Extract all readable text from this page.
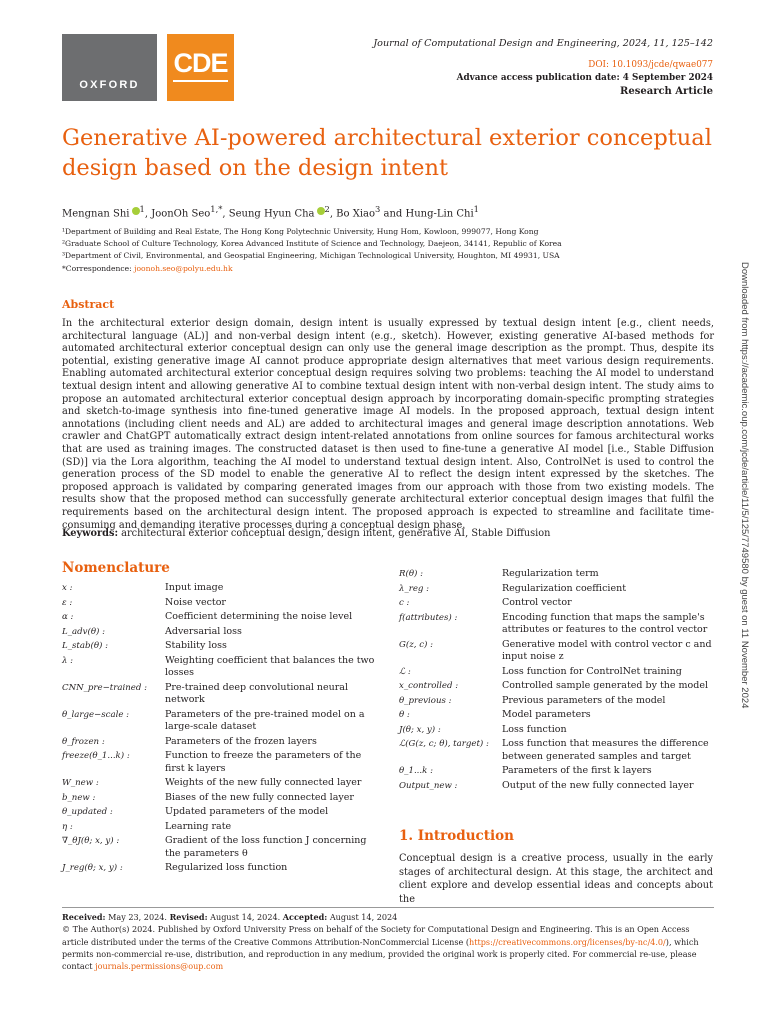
OXFORD
CDE
Journal of Computational Design and Engineering, 2024, 11, 125–142
DOI: 10.1093/jcde/qwae077
Advance access publication date: 4 September 2024
Research Article
Generative AI-powered architectural exterior conceptual design based on the design intent
Mengnan Shi $^1$, JoonOh Seo$^{1,*}$, Seung Hyun Cha $^2$, Bo Xiao$^3$ and Hung-Lin Chi$^1$
¹Department of Building and Real Estate, The Hong Kong Polytechnic University, Hung Hom, Kowloon, 999077, Hong Kong
²Graduate School of Culture Technology, Korea Advanced Institute of Science and Technology, Daejeon, 34141, Republic of Korea
³Department of Civil, Environmental, and Geospatial Engineering, Michigan Technological University, Houghton, MI 49931, USA
*Correspondence: joonoh.seo@polyu.edu.hk
Abstract
In the architectural exterior design domain, design intent is usually expressed by textual design intent [e.g., client needs, architectural language (AL)] and non-verbal design intent (e.g., sketch). However, existing generative AI-based methods for automated architectural exterior conceptual design can only use the general image description as the prompt. Thus, despite its potential, existing generative image AI cannot produce appropriate design alternatives that meet various design requirements. Enabling automated architectural exterior conceptual design requires solving two problems: teaching the AI model to understand textual design intent and allowing generative AI to combine textual design intent with non-verbal design intent. The study aims to propose an automated architectural exterior conceptual design approach by incorporating domain-specific prompting strategies and sketch-to-image synthesis into fine-tuned generative image AI models. In the proposed approach, textual design intent annotations (including client needs and AL) are added to architectural images and general image description annotations. Web crawler and ChatGPT automatically extract design intent-related annotations from online sources for famous architectural works that are used as training images. The constructed dataset is then used to fine-tune a generative AI model [i.e., Stable Diffusion (SD)] via the Lora algorithm, teaching the AI model to understand textual design intent. Also, ControlNet is used to control the generation process of the SD model to enable the generative AI to reflect the design intent expressed by the sketches. The proposed approach is validated by comparing generated images from our approach with those from two existing models. The results show that the proposed method can successfully generate architectural exterior conceptual design images that fulfil the requirements based on the architectural design intent. The proposed approach is expected to streamline and facilitate time-consuming and demanding iterative processes during a conceptual design phase.
Keywords: architectural exterior conceptual design, design intent, generative AI, Stable Diffusion
Nomenclature
x :	Input image
ε :	Noise vector
α :	Coefficient determining the noise level
L_adv(θ) :	Adversarial loss
L_stab(θ) :	Stability loss
λ :	Weighting coefficient that balances the two losses
CNN_pre−trained :	Pre-trained deep convolutional neural network
θ_large−scale :	Parameters of the pre-trained model on a large-scale dataset
θ_frozen :	Parameters of the frozen layers
freeze(θ_1...k) :	Function to freeze the parameters of the first k layers
W_new :	Weights of the new fully connected layer
b_new :	Biases of the new fully connected layer
θ_updated :	Updated parameters of the model
η :	Learning rate
∇_θJ(θ; x, y) :	Gradient of the loss function J concerning the parameters θ
J_reg(θ; x, y) :	Regularized loss function
R(θ) :	Regularization term
λ_reg :	Regularization coefficient
c :	Control vector
f(attributes) :	Encoding function that maps the sample's attributes or features to the control vector
G(z, c) :	Generative model with control vector c and input noise z
ℒ :	Loss function for ControlNet training
x_controlled :	Controlled sample generated by the model
θ_previous :	Previous parameters of the model
θ :	Model parameters
J(θ; x, y) :	Loss function
ℒ(G(z, c; θ), target) :	Loss function that measures the difference between generated samples and target
θ_1...k :	Parameters of the first k layers
Output_new :	Output of the new fully connected layer
1. Introduction
Conceptual design is a creative process, usually in the early stages of architectural design. At this stage, the architect and client explore and develop essential ideas and concepts about the
Downloaded from https://academic.oup.com/jcde/article/11/5/125/7749580 by guest on 11 November 2024
Received: May 23, 2024. Revised: August 14, 2024. Accepted: August 14, 2024
© The Author(s) 2024. Published by Oxford University Press on behalf of the Society for Computational Design and Engineering. This is an Open Access article distributed under the terms of the Creative Commons Attribution-NonCommercial License (https://creativecommons.org/licenses/by-nc/4.0/), which permits non-commercial re-use, distribution, and reproduction in any medium, provided the original work is properly cited. For commercial re-use, please contact journals.permissions@oup.com
